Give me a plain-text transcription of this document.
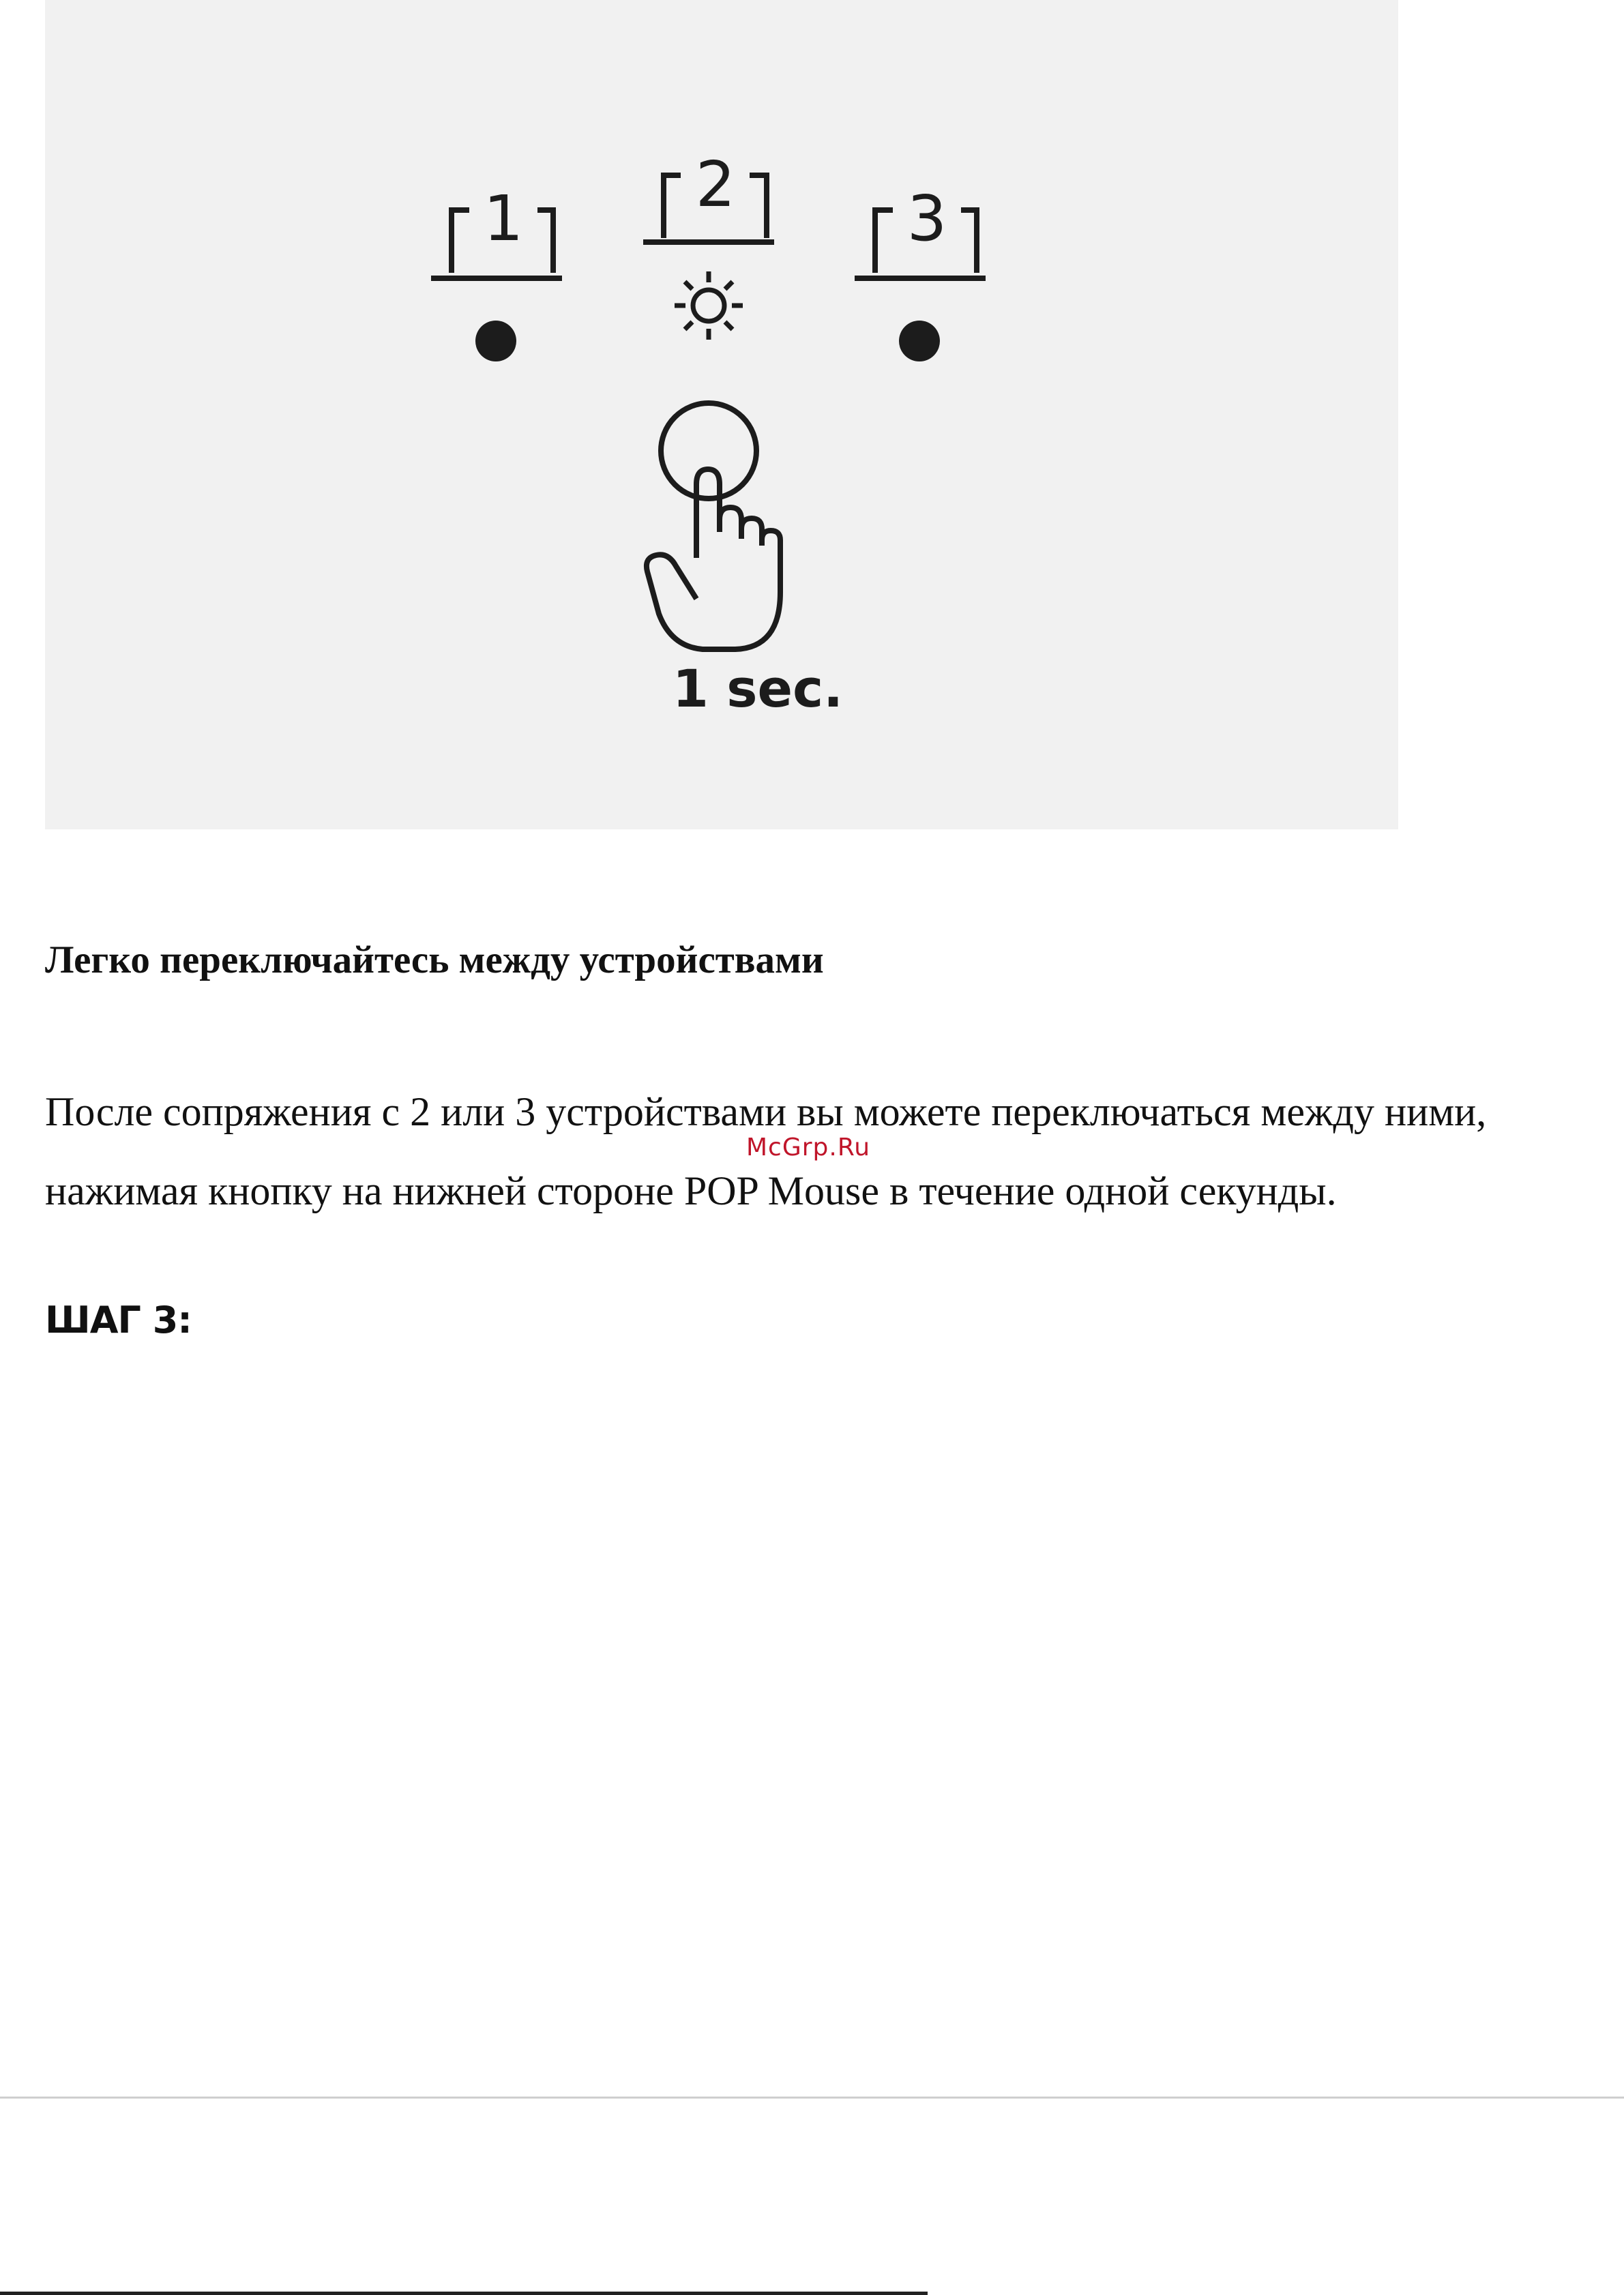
1	2	3
1 sec.
Легко переключайтесь между устройствами

После сопряжения с 2 или 3 устройствами вы можете переключаться между ними, нажимая кнопку на нижней стороне POP Mouse в течение одной секунды.

McGrp.Ru
ШАГ 3:
